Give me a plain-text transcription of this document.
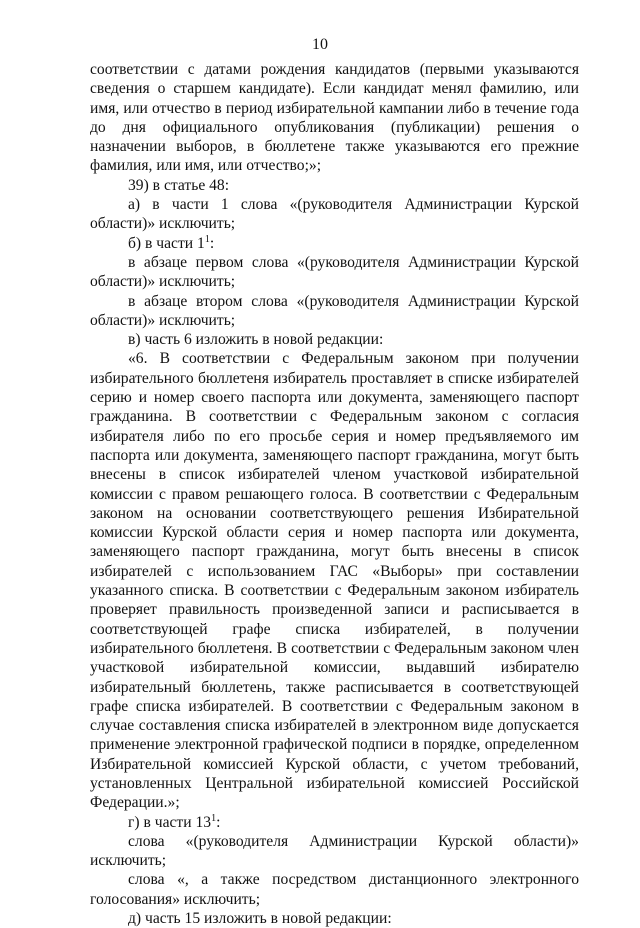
10

соответствии с датами рождения кандидатов (первыми указываются сведения о старшем кандидате). Если кандидат менял фамилию, или имя, или отчество в период избирательной кампании либо в течение года до дня официального опубликования (публикации) решения о назначении выборов, в бюллетене также указываются его прежние фамилия, или имя, или отчество;»;

39) в статье 48:

а) в части 1 слова «(руководителя Администрации Курской области)» исключить;

б) в части $1^1$:

в абзаце первом слова «(руководителя Администрации Курской области)» исключить;

в абзаце втором слова «(руководителя Администрации Курской области)» исключить;

в) часть 6 изложить в новой редакции:

«6. В соответствии с Федеральным законом при получении избирательного бюллетеня избиратель проставляет в списке избирателей серию и номер своего паспорта или документа, заменяющего паспорт гражданина. В соответствии с Федеральным законом с согласия избирателя либо по его просьбе серия и номер предъявляемого им паспорта или документа, заменяющего паспорт гражданина, могут быть внесены в список избирателей членом участковой избирательной комиссии с правом решающего голоса. В соответствии с Федеральным законом на основании соответствующего решения Избирательной комиссии Курской области серия и номер паспорта или документа, заменяющего паспорт гражданина, могут быть внесены в список избирателей с использованием ГАС «Выборы» при составлении указанного списка. В соответствии с Федеральным законом избиратель проверяет правильность произведенной записи и расписывается в соответствующей графе списка избирателей, в получении избирательного бюллетеня. В соответствии с Федеральным законом член участковой избирательной комиссии, выдавший избирателю избирательный бюллетень, также расписывается в соответствующей графе списка избирателей. В соответствии с Федеральным законом в случае составления списка избирателей в электронном виде допускается применение электронной графической подписи в порядке, определенном Избирательной комиссией Курской области, с учетом требований, установленных Центральной избирательной комиссией Российской Федерации.»;

г) в части $13^1$:

слова «(руководителя Администрации Курской области)»

исключить;

слова «, а также посредством дистанционного электронного голосования» исключить;

д) часть 15 изложить в новой редакции:
